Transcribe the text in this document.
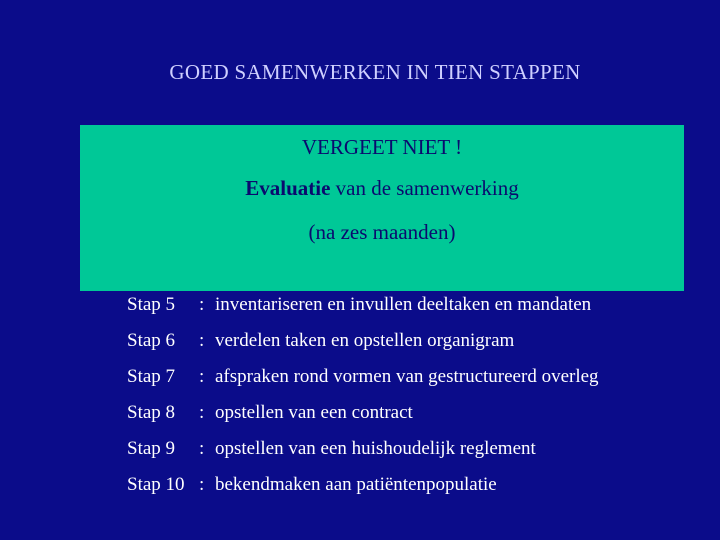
GOED SAMENWERKEN IN TIEN STAPPEN
VERGEET NIET !
Evaluatie van de samenwerking
(na zes maanden)
Stap 5	: inventariseren en invullen deeltaken en mandaten
Stap 6	: verdelen taken en opstellen organigram
Stap 7	: afspraken rond vormen van gestructureerd overleg
Stap 8	: opstellen van een contract
Stap 9	: opstellen van een huishoudelijk reglement
Stap 10 : bekendmaken aan patiëntenpopulatie
